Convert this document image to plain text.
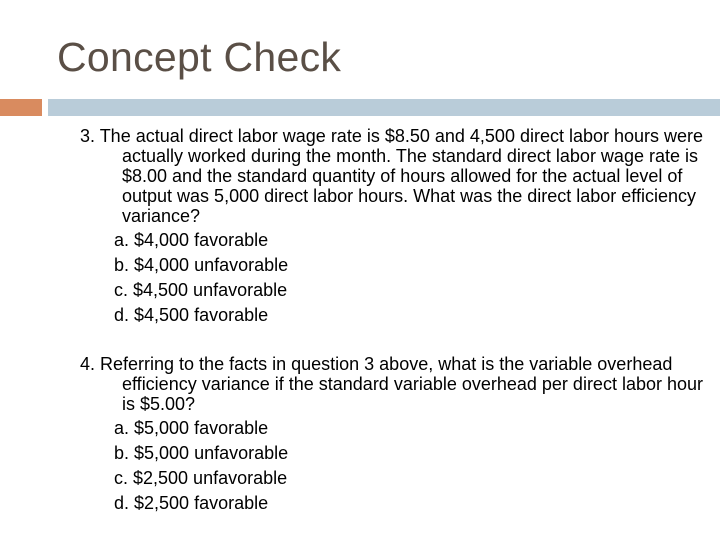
Concept Check
3. The actual direct labor wage rate is $8.50 and 4,500 direct labor hours were actually worked during the month. The standard direct labor wage rate is $8.00 and the standard quantity of hours allowed for the actual level of output was 5,000 direct labor hours. What was the direct labor efficiency variance?
a. $4,000 favorable
b. $4,000 unfavorable
c. $4,500 unfavorable
d. $4,500 favorable
4. Referring to the facts in question 3 above, what is the variable overhead efficiency variance if the standard variable overhead per direct labor hour is $5.00?
a. $5,000 favorable
b. $5,000 unfavorable
c. $2,500 unfavorable
d. $2,500 favorable
